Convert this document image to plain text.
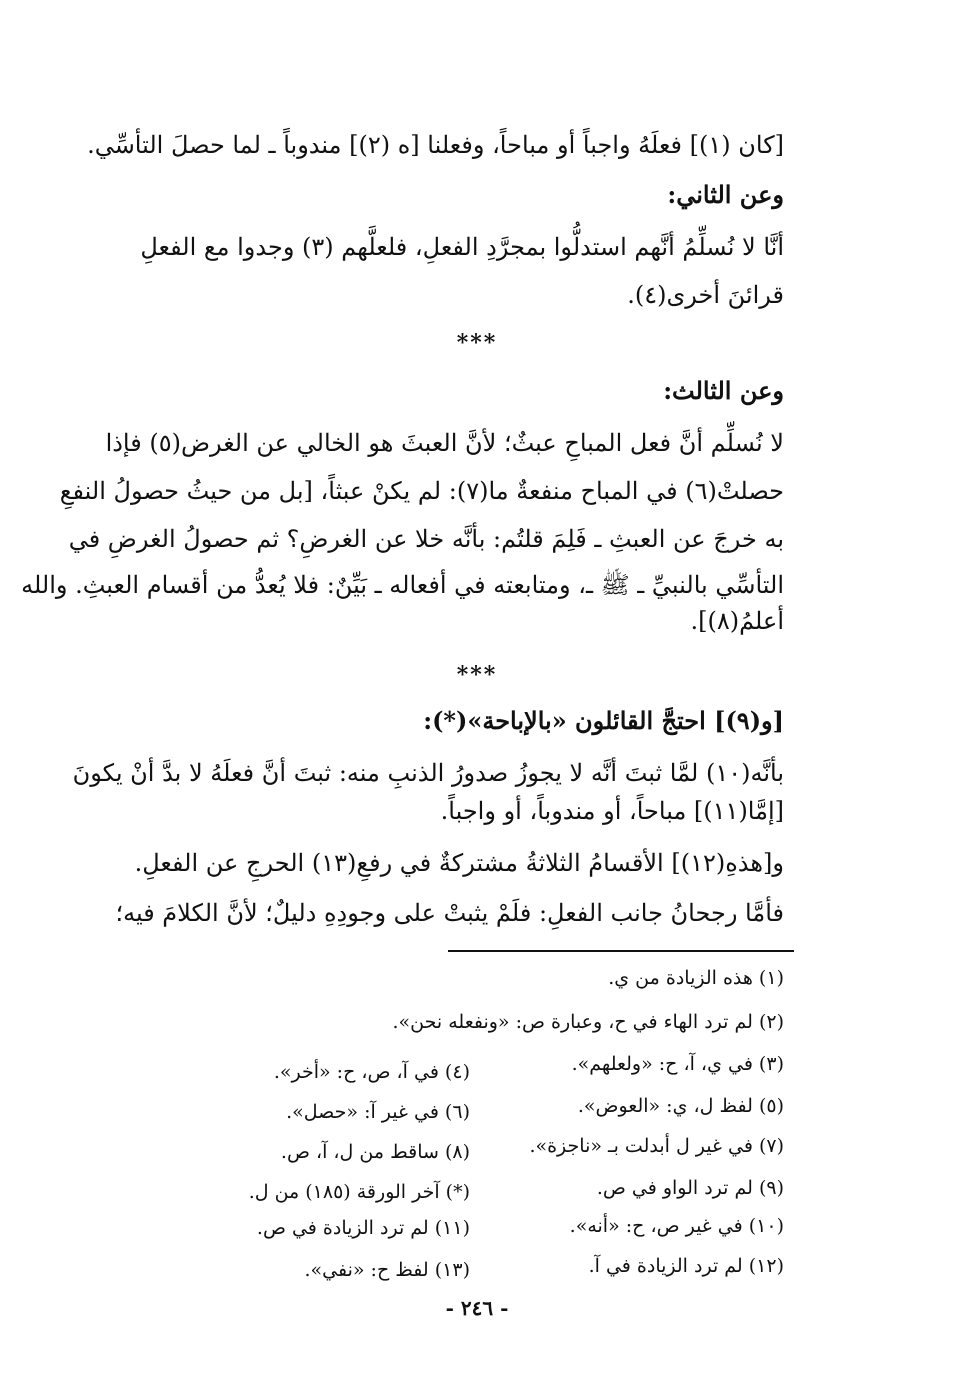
[كان (١)] فعلَهُ واجباً أو مباحاً، وفعلنا [ه (٢)] مندوباً ـ لما حصلَ التأسِّي.
وعن الثاني:
أنَّا لا نُسلِّمُ أنَّهم استدلُّوا بمجرَّدِ الفعلِ، فلعلَّهم (٣) وجدوا مع الفعلِ
قرائنَ أخرى(٤).
***
وعن الثالث:
لا نُسلِّم أنَّ فعل المباحِ عبثٌ؛ لأنَّ العبثَ هو الخالي عن الغرض(٥) فإذا
حصلتْ(٦) في المباح منفعةٌ ما(٧): لم يكنْ عبثاً، [بل من حيثُ حصولُ النفعِ
به خرجَ عن العبثِ ـ فَلِمَ قلتُم: بأنَّه خلا عن الغرضِ؟ ثم حصولُ الغرضِ في
التأسِّي بالنبيِّ ـ ﷺ ـ، ومتابعته في أفعاله ـ بَيِّنٌ: فلا يُعدُّ من أقسام العبثِ. والله
أعلمُ(٨)].
***
[و(٩)] احتجَّ القائلون «بالإباحة»(*):
بأنَّه(١٠) لمَّا ثبتَ أنَّه لا يجوزُ صدورُ الذنبِ منه: ثبتَ أنَّ فعلَهُ لا بدَّ أنْ يكونَ
[إمَّا(١١)] مباحاً، أو مندوباً، أو واجباً.
و[هذهِ(١٢)] الأقسامُ الثلاثةُ مشتركةٌ في رفعِ(١٣) الحرجِ عن الفعلِ.
فأمَّا رجحانُ جانب الفعلِ: فلَمْ يثبتْ على وجودِهِ دليلٌ؛ لأنَّ الكلامَ فيه؛
(١) هذه الزيادة من ي.
(٢) لم ترد الهاء في ح، وعبارة ص: «ونفعله نحن».
(٣) في ي، آ، ح: «ولعلهم».
(٥) لفظ ل، ي: «العوض».
(٧) في غير ل أبدلت بـ «ناجزة».
(٩) لم ترد الواو في ص.
(١٠) في غير ص، ح: «أنه».
(١٢) لم ترد الزيادة في آ.
(٤) في آ، ص، ح: «أخر».
(٦) في غير آ: «حصل».
(٨) ساقط من ل، آ، ص.
(*) آخر الورقة (١٨٥) من ل.
(١١) لم ترد الزيادة في ص.
(١٣) لفظ ح: «نفي».
- ٢٤٦ -
